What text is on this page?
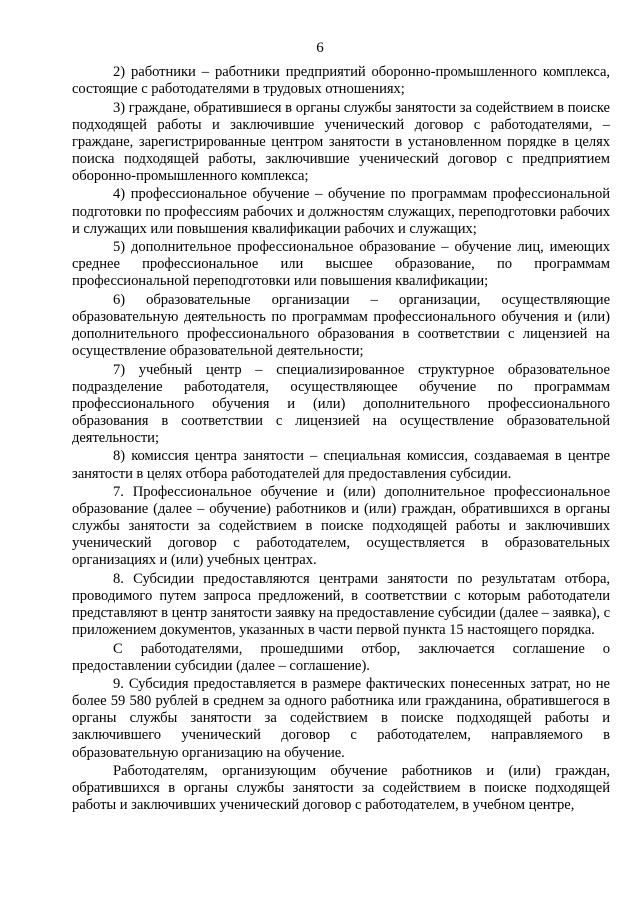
6

2) работники – работники предприятий оборонно-промышленного комплекса, состоящие с работодателями в трудовых отношениях;

3) граждане, обратившиеся в органы службы занятости за содействием в поиске подходящей работы и заключившие ученический договор с работодателями, – граждане, зарегистрированные центром занятости в установленном порядке в целях поиска подходящей работы, заключившие ученический договор с предприятием оборонно-промышленного комплекса;

4) профессиональное обучение – обучение по программам профессиональной подготовки по профессиям рабочих и должностям служащих, переподготовки рабочих и служащих или повышения квалификации рабочих и служащих;

5) дополнительное профессиональное образование – обучение лиц, имеющих среднее профессиональное или высшее образование, по программам профессиональной переподготовки или повышения квалификации;

6) образовательные организации – организации, осуществляющие образовательную деятельность по программам профессионального обучения и (или) дополнительного профессионального образования в соответствии с лицензией на осуществление образовательной деятельности;

7) учебный центр – специализированное структурное образовательное подразделение работодателя, осуществляющее обучение по программам профессионального обучения и (или) дополнительного профессионального образования в соответствии с лицензией на осуществление образовательной деятельности;

8) комиссия центра занятости – специальная комиссия, создаваемая в центре занятости в целях отбора работодателей для предоставления субсидии.

7. Профессиональное обучение и (или) дополнительное профессиональное образование (далее – обучение) работников и (или) граждан, обратившихся в органы службы занятости за содействием в поиске подходящей работы и заключивших ученический договор с работодателем, осуществляется в образовательных организациях и (или) учебных центрах.

8. Субсидии предоставляются центрами занятости по результатам отбора, проводимого путем запроса предложений, в соответствии с которым работодатели представляют в центр занятости заявку на предоставление субсидии (далее – заявка), с приложением документов, указанных в части первой пункта 15 настоящего порядка.

С работодателями, прошедшими отбор, заключается соглашение о предоставлении субсидии (далее – соглашение).

9. Субсидия предоставляется в размере фактических понесенных затрат, но не более 59 580 рублей в среднем за одного работника или гражданина, обратившегося в органы службы занятости за содействием в поиске подходящей работы и заключившего ученический договор с работодателем, направляемого в образовательную организацию на обучение.

Работодателям, организующим обучение работников и (или) граждан, обратившихся в органы службы занятости за содействием в поиске подходящей работы и заключивших ученический договор с работодателем, в учебном центре,
